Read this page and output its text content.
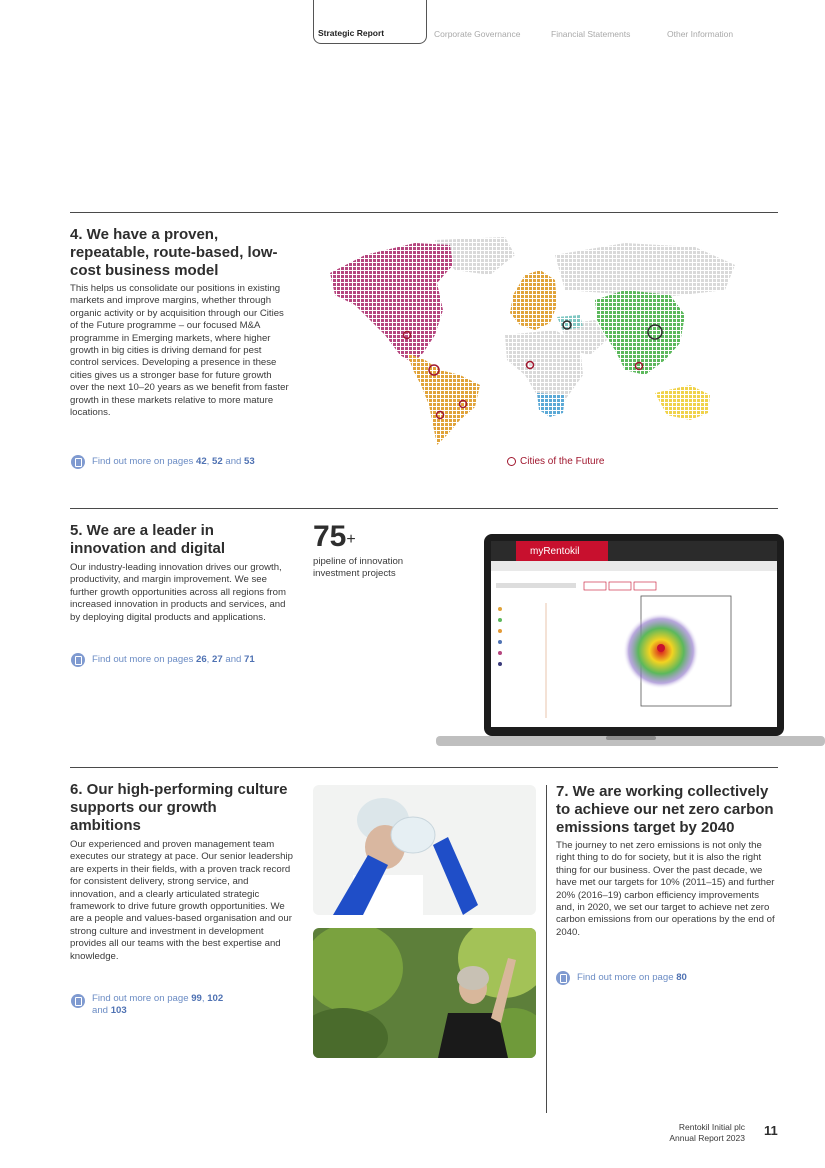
Strategic Report	Corporate Governance	Financial Statements	Other Information
4. We have a proven, repeatable, route-based, low-cost business model
This helps us consolidate our positions in existing markets and improve margins, whether through organic activity or by acquisition through our Cities of the Future programme – our focused M&A programme in Emerging markets, where higher growth in big cities is driving demand for pest control services. Developing a presence in these cities gives us a stronger base for future growth over the next 10–20 years as we benefit from faster growth in these markets relative to more mature locations.
Find out more on pages 42, 52 and 53	Cities of the Future
5. We are a leader in innovation and digital
Our industry-leading innovation drives our growth, productivity, and margin improvement. We see further growth opportunities across all regions from increased innovation in products and services, and by deploying digital products and applications.
Find out more on pages 26, 27 and 71
75+
pipeline of innovation investment projects
myRentokil
6. Our high-performing culture supports our growth ambitions
Our experienced and proven management team executes our strategy at pace. Our senior leadership are experts in their fields, with a proven track record for consistent delivery, strong service, and innovation, and a clearly articulated strategic framework to drive future growth opportunities. We are a people and values-based organisation and our strong culture and investment in development provides all our teams with the best expertise and knowledge.
Find out more on page 99, 102
and 103
7. We are working collectively to achieve our net zero carbon emissions target by 2040
The journey to net zero emissions is not only the right thing to do for society, but it is also the right thing for our business. Over the past decade, we have met our targets for 10% (2011–15) and further 20% (2016–19) carbon efficiency improvements and, in 2020, we set our target to achieve net zero carbon emissions from our operations by the end of 2040.
Find out more on page 80
Rentokil Initial plc
Annual Report 2023 11
